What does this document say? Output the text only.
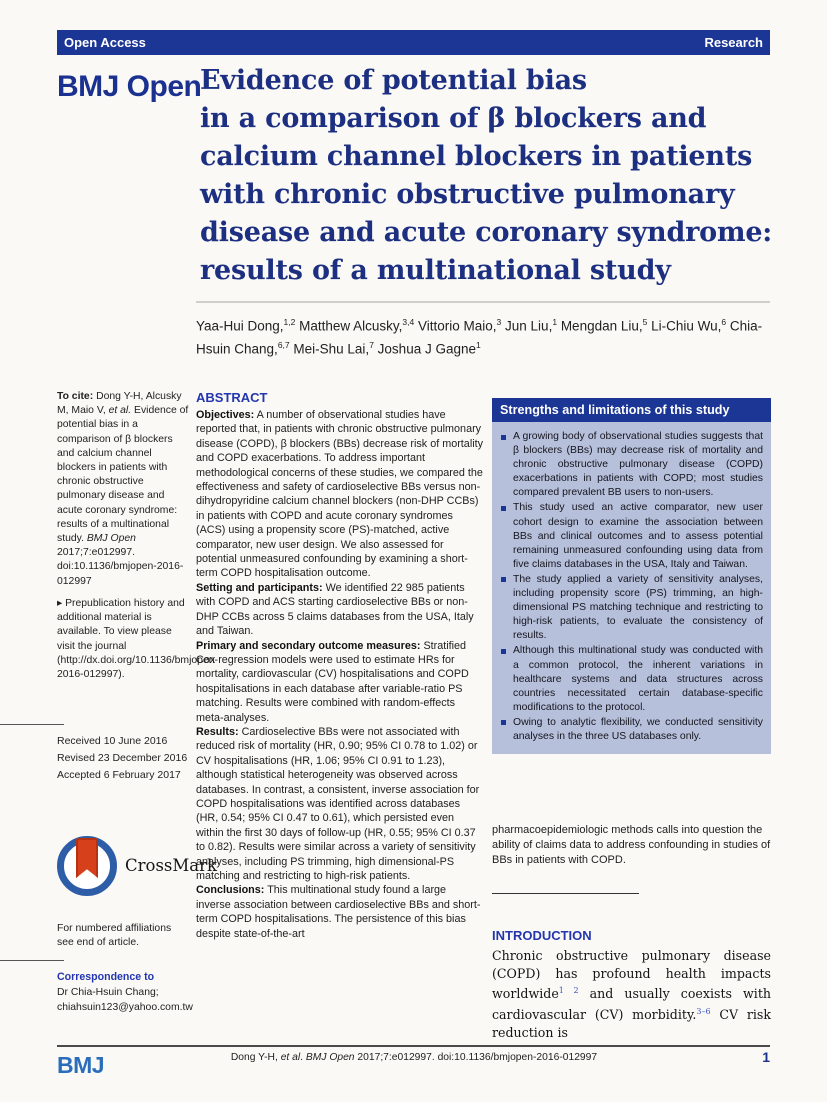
Open Access	Research
BMJ Open
Evidence of potential bias
in a comparison of β blockers and
calcium channel blockers in patients
with chronic obstructive pulmonary
disease and acute coronary syndrome:
results of a multinational study
Yaa-Hui Dong,$^{1,2}$ Matthew Alcusky,$^{3,4}$ Vittorio Maio,$^3$ Jun Liu,$^1$ Mengdan Liu,$^5$ Li-Chiu Wu,$^6$ Chia-Hsuin Chang,$^{6,7}$ Mei-Shu Lai,$^7$ Joshua J Gagne$^1$
To cite: Dong Y-H, Alcusky M, Maio V, et al. Evidence of potential bias in a comparison of β blockers and calcium channel blockers in patients with chronic obstructive pulmonary disease and acute coronary syndrome: results of a multinational study. BMJ Open 2017;7:e012997. doi:10.1136/bmjopen-2016-012997
▸ Prepublication history and additional material is available. To view please visit the journal (http://dx.doi.org/10.1136/bmjopen-2016-012997).
Received 10 June 2016
Revised 23 December 2016
Accepted 6 February 2017
CrossMark
For numbered affiliations see end of article.
Correspondence to
Dr Chia-Hsuin Chang;
chiahsuin123@yahoo.com.tw
ABSTRACT

Objectives: A number of observational studies have reported that, in patients with chronic obstructive pulmonary disease (COPD), β blockers (BBs) decrease risk of mortality and COPD exacerbations. To address important methodological concerns of these studies, we compared the effectiveness and safety of cardioselective BBs versus non-dihydropyridine calcium channel blockers (non-DHP CCBs) in patients with COPD and acute coronary syndromes (ACS) using a propensity score (PS)-matched, active comparator, new user design. We also assessed for potential unmeasured confounding by examining a short-term COPD hospitalisation outcome.

Setting and participants: We identified 22 985 patients with COPD and ACS starting cardioselective BBs or non-DHP CCBs across 5 claims databases from the USA, Italy and Taiwan.

Primary and secondary outcome measures: Stratified Cox regression models were used to estimate HRs for mortality, cardiovascular (CV) hospitalisations and COPD hospitalisations in each database after variable-ratio PS matching. Results were combined with random-effects meta-analyses.

Results: Cardioselective BBs were not associated with reduced risk of mortality (HR, 0.90; 95% CI 0.78 to 1.02) or CV hospitalisations (HR, 1.06; 95% CI 0.91 to 1.23), although statistical heterogeneity was observed across databases. In contrast, a consistent, inverse association for COPD hospitalisations was identified across databases (HR, 0.54; 95% CI 0.47 to 0.61), which persisted even within the first 30 days of follow-up (HR, 0.55; 95% CI 0.37 to 0.82). Results were similar across a variety of sensitivity analyses, including PS trimming, high dimensional-PS matching and restricting to high-risk patients.

Conclusions: This multinational study found a large inverse association between cardioselective BBs and short-term COPD hospitalisations. The persistence of this bias despite state-of-the-art

Strengths and limitations of this study
A growing body of observational studies suggests that β blockers (BBs) may decrease risk of mortality and chronic obstructive pulmonary disease (COPD) exacerbations in patients with COPD; most studies compared prevalent BB users to non-users.
This study used an active comparator, new user cohort design to examine the association between BBs and clinical outcomes and to assess potential remaining unmeasured confounding using data from five claims databases in the USA, Italy and Taiwan.
The study applied a variety of sensitivity analyses, including propensity score (PS) trimming, an high-dimensional PS matching technique and restricting to high-risk patients, to evaluate the consistency of results.
Although this multinational study was conducted with a common protocol, the inherent variations in healthcare systems and data structures across countries necessitated certain database-specific modifications to the protocol.
Owing to analytic flexibility, we conducted sensitivity analyses in the three US databases only.
pharmacoepidemiologic methods calls into question the ability of claims data to address confounding in studies of BBs in patients with COPD.
INTRODUCTION
Chronic obstructive pulmonary disease (COPD) has profound health impacts worldwide$^{1 2}$ and usually coexists with cardiovascular (CV) morbidity.$^{3-6}$ CV risk reduction is
BMJ	Dong Y-H, et al. BMJ Open 2017;7:e012997. doi:10.1136/bmjopen-2016-012997	1
